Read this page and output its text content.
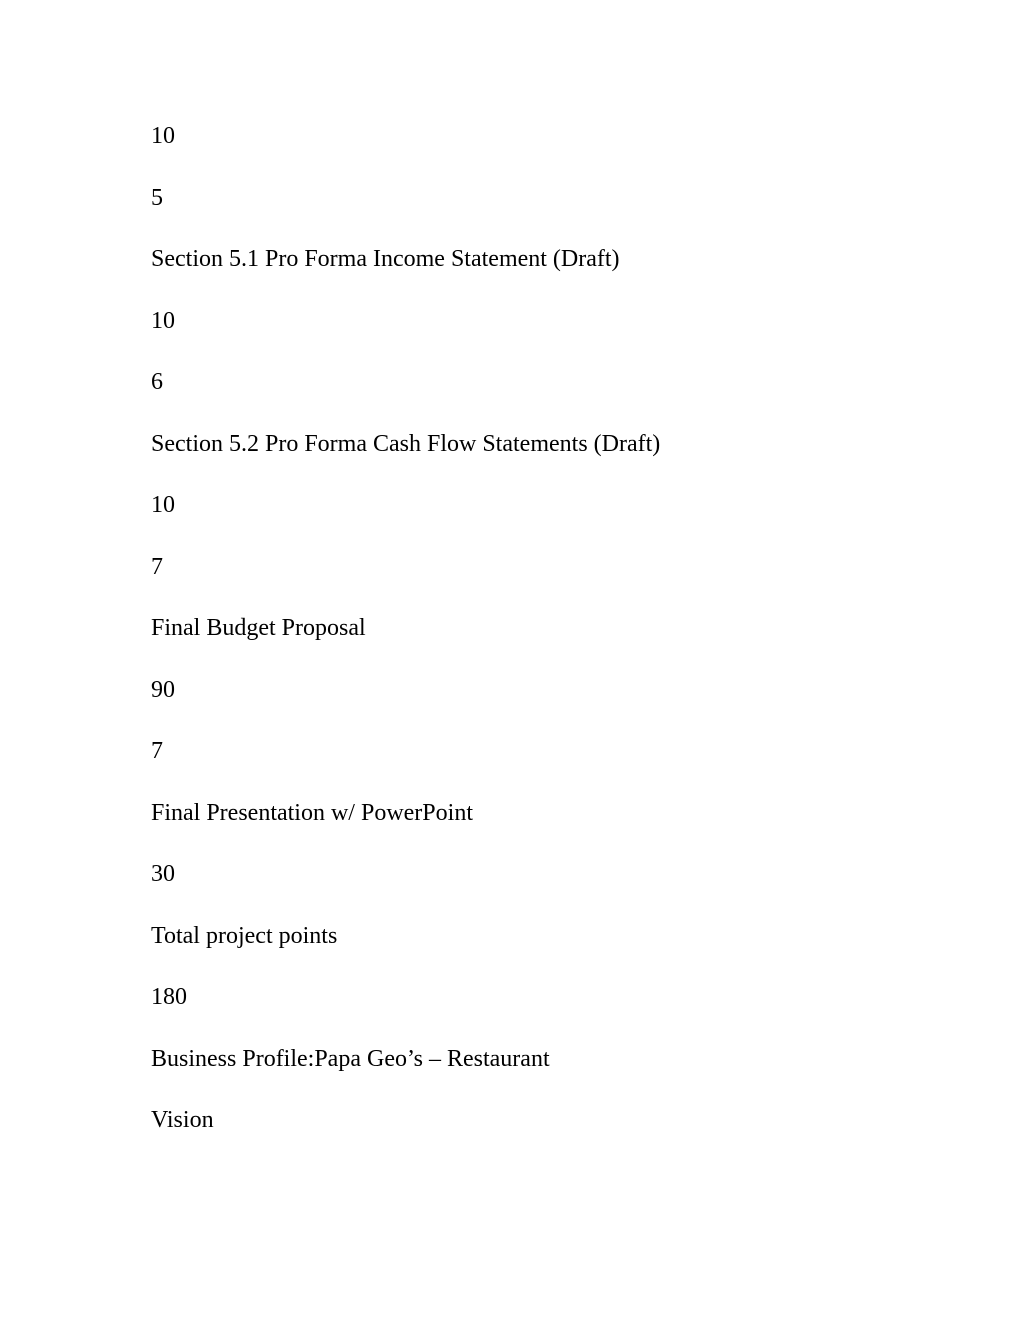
10

5

Section 5.1 Pro Forma Income Statement (Draft)

10

6

Section 5.2 Pro Forma Cash Flow Statements (Draft)

10

7

Final Budget Proposal

90

7

Final Presentation w/ PowerPoint

30

Total project points

180

Business Profile:Papa Geo’s – Restaurant

Vision
